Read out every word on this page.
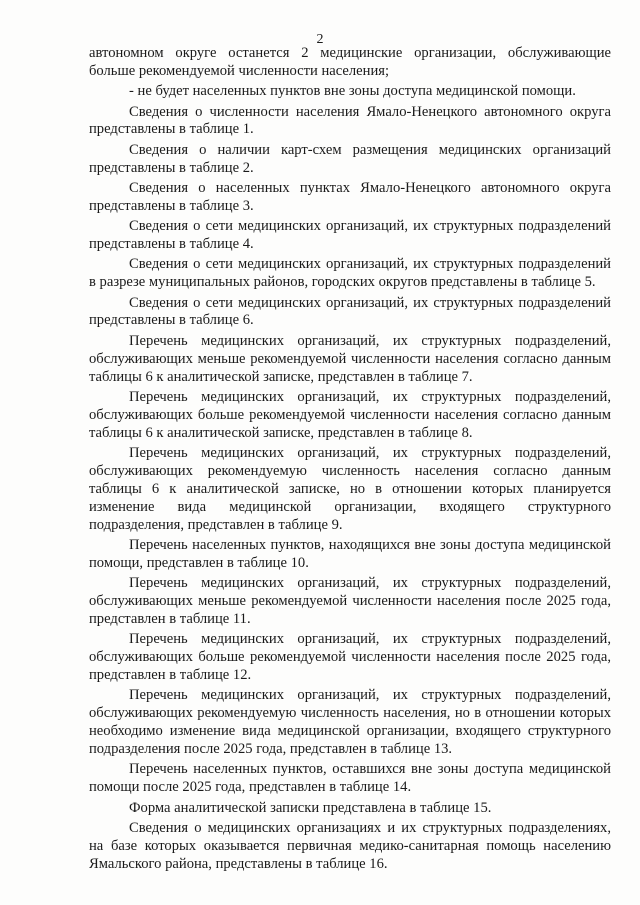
2

автономном округе останется 2 медицинские организации, обслуживающие больше рекомендуемой численности населения;

- не будет населенных пунктов вне зоны доступа медицинской помощи.

Сведения о численности населения Ямало-Ненецкого автономного округа представлены в таблице 1.

Сведения о наличии карт-схем размещения медицинских организаций представлены в таблице 2.

Сведения о населенных пунктах Ямало-Ненецкого автономного округа представлены в таблице 3.

Сведения о сети медицинских организаций, их структурных подразделений представлены в таблице 4.

Сведения о сети медицинских организаций, их структурных подразделений в разрезе муниципальных районов, городских округов представлены в таблице 5.

Сведения о сети медицинских организаций, их структурных подразделений представлены в таблице 6.

Перечень медицинских организаций, их структурных подразделений, обслуживающих меньше рекомендуемой численности населения согласно данным таблицы 6 к аналитической записке, представлен в таблице 7.

Перечень медицинских организаций, их структурных подразделений, обслуживающих больше рекомендуемой численности населения согласно данным таблицы 6 к аналитической записке, представлен в таблице 8.

Перечень медицинских организаций, их структурных подразделений, обслуживающих рекомендуемую численность населения согласно данным таблицы 6 к аналитической записке, но в отношении которых планируется изменение вида медицинской организации, входящего структурного подразделения, представлен в таблице 9.

Перечень населенных пунктов, находящихся вне зоны доступа медицинской помощи, представлен в таблице 10.

Перечень медицинских организаций, их структурных подразделений, обслуживающих меньше рекомендуемой численности населения после 2025 года, представлен в таблице 11.

Перечень медицинских организаций, их структурных подразделений, обслуживающих больше рекомендуемой численности населения после 2025 года, представлен в таблице 12.

Перечень медицинских организаций, их структурных подразделений, обслуживающих рекомендуемую численность населения, но в отношении которых необходимо изменение вида медицинской организации, входящего структурного подразделения после 2025 года, представлен в таблице 13.

Перечень населенных пунктов, оставшихся вне зоны доступа медицинской помощи после 2025 года, представлен в таблице 14.

Форма аналитической записки представлена в таблице 15.

Сведения о медицинских организациях и их структурных подразделениях, на базе которых оказывается первичная медико-санитарная помощь населению Ямальского района, представлены в таблице 16.
